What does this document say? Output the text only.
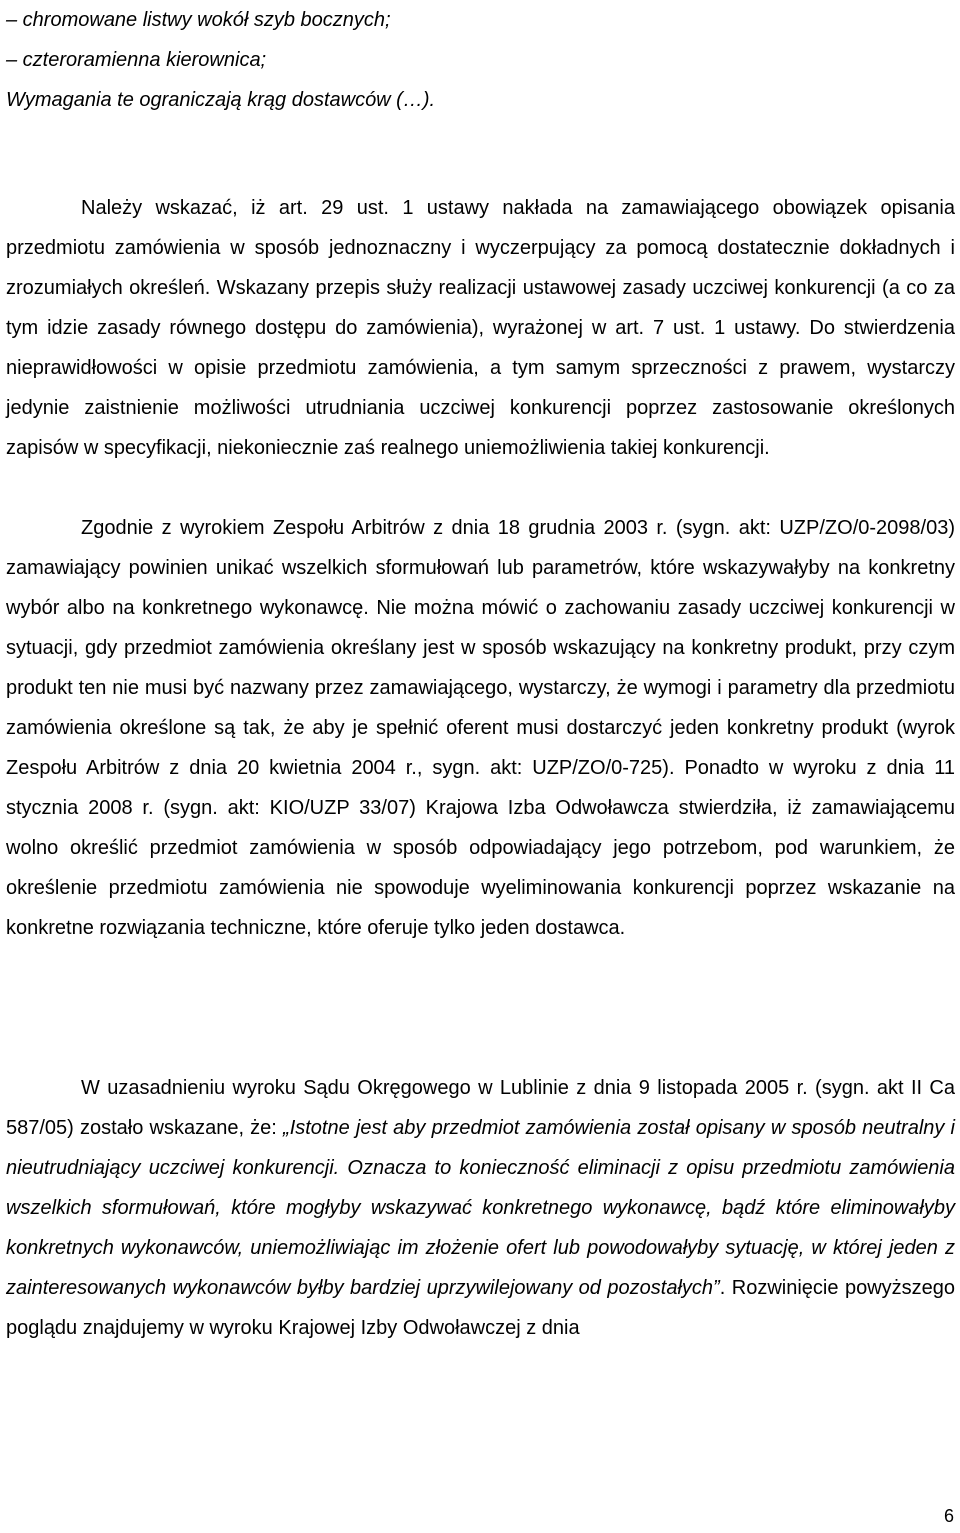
– chromowane listwy wokół szyb bocznych;
– czteroramienna kierownica;
Wymagania te ograniczają krąg dostawców (…).
Należy wskazać, iż art. 29 ust. 1 ustawy nakłada na zamawiającego obowiązek opisania przedmiotu zamówienia w sposób jednoznaczny i wyczerpujący za pomocą dostatecznie dokładnych i zrozumiałych określeń. Wskazany przepis służy realizacji ustawowej zasady uczciwej konkurencji (a co za tym idzie zasady równego dostępu do zamówienia), wyrażonej w art. 7 ust. 1 ustawy. Do stwierdzenia nieprawidłowości w opisie przedmiotu zamówienia, a tym samym sprzeczności z prawem, wystarczy jedynie zaistnienie możliwości utrudniania uczciwej konkurencji poprzez zastosowanie określonych zapisów w specyfikacji, niekoniecznie zaś realnego uniemożliwienia takiej konkurencji.
Zgodnie z wyrokiem Zespołu Arbitrów z dnia 18 grudnia 2003 r. (sygn. akt: UZP/ZO/0-2098/03) zamawiający powinien unikać wszelkich sformułowań lub parametrów, które wskazywałyby na konkretny wybór albo na konkretnego wykonawcę. Nie można mówić o zachowaniu zasady uczciwej konkurencji w sytuacji, gdy przedmiot zamówienia określany jest w sposób wskazujący na konkretny produkt, przy czym produkt ten nie musi być nazwany przez zamawiającego, wystarczy, że wymogi i parametry dla przedmiotu zamówienia określone są tak, że aby je spełnić oferent musi dostarczyć jeden konkretny produkt (wyrok Zespołu Arbitrów z dnia 20 kwietnia 2004 r., sygn. akt: UZP/ZO/0-725). Ponadto w wyroku z dnia 11 stycznia 2008 r. (sygn. akt: KIO/UZP 33/07) Krajowa Izba Odwoławcza stwierdziła, iż zamawiającemu wolno określić przedmiot zamówienia w sposób odpowiadający jego potrzebom, pod warunkiem, że określenie przedmiotu zamówienia nie spowoduje wyeliminowania konkurencji poprzez wskazanie na konkretne rozwiązania techniczne, które oferuje tylko jeden dostawca.
W uzasadnieniu wyroku Sądu Okręgowego w Lublinie z dnia 9 listopada 2005 r. (sygn. akt II Ca 587/05) zostało wskazane, że: „Istotne jest aby przedmiot zamówienia został opisany w sposób neutralny i nieutrudniający uczciwej konkurencji. Oznacza to konieczność eliminacji z opisu przedmiotu zamówienia wszelkich sformułowań, które mogłyby wskazywać konkretnego wykonawcę, bądź które eliminowałyby konkretnych wykonawców, uniemożliwiając im złożenie ofert lub powodowałyby sytuację, w której jeden z zainteresowanych wykonawców byłby bardziej uprzywilejowany od pozostałych”. Rozwinięcie powyższego poglądu znajdujemy w wyroku Krajowej Izby Odwoławczej z dnia
6
